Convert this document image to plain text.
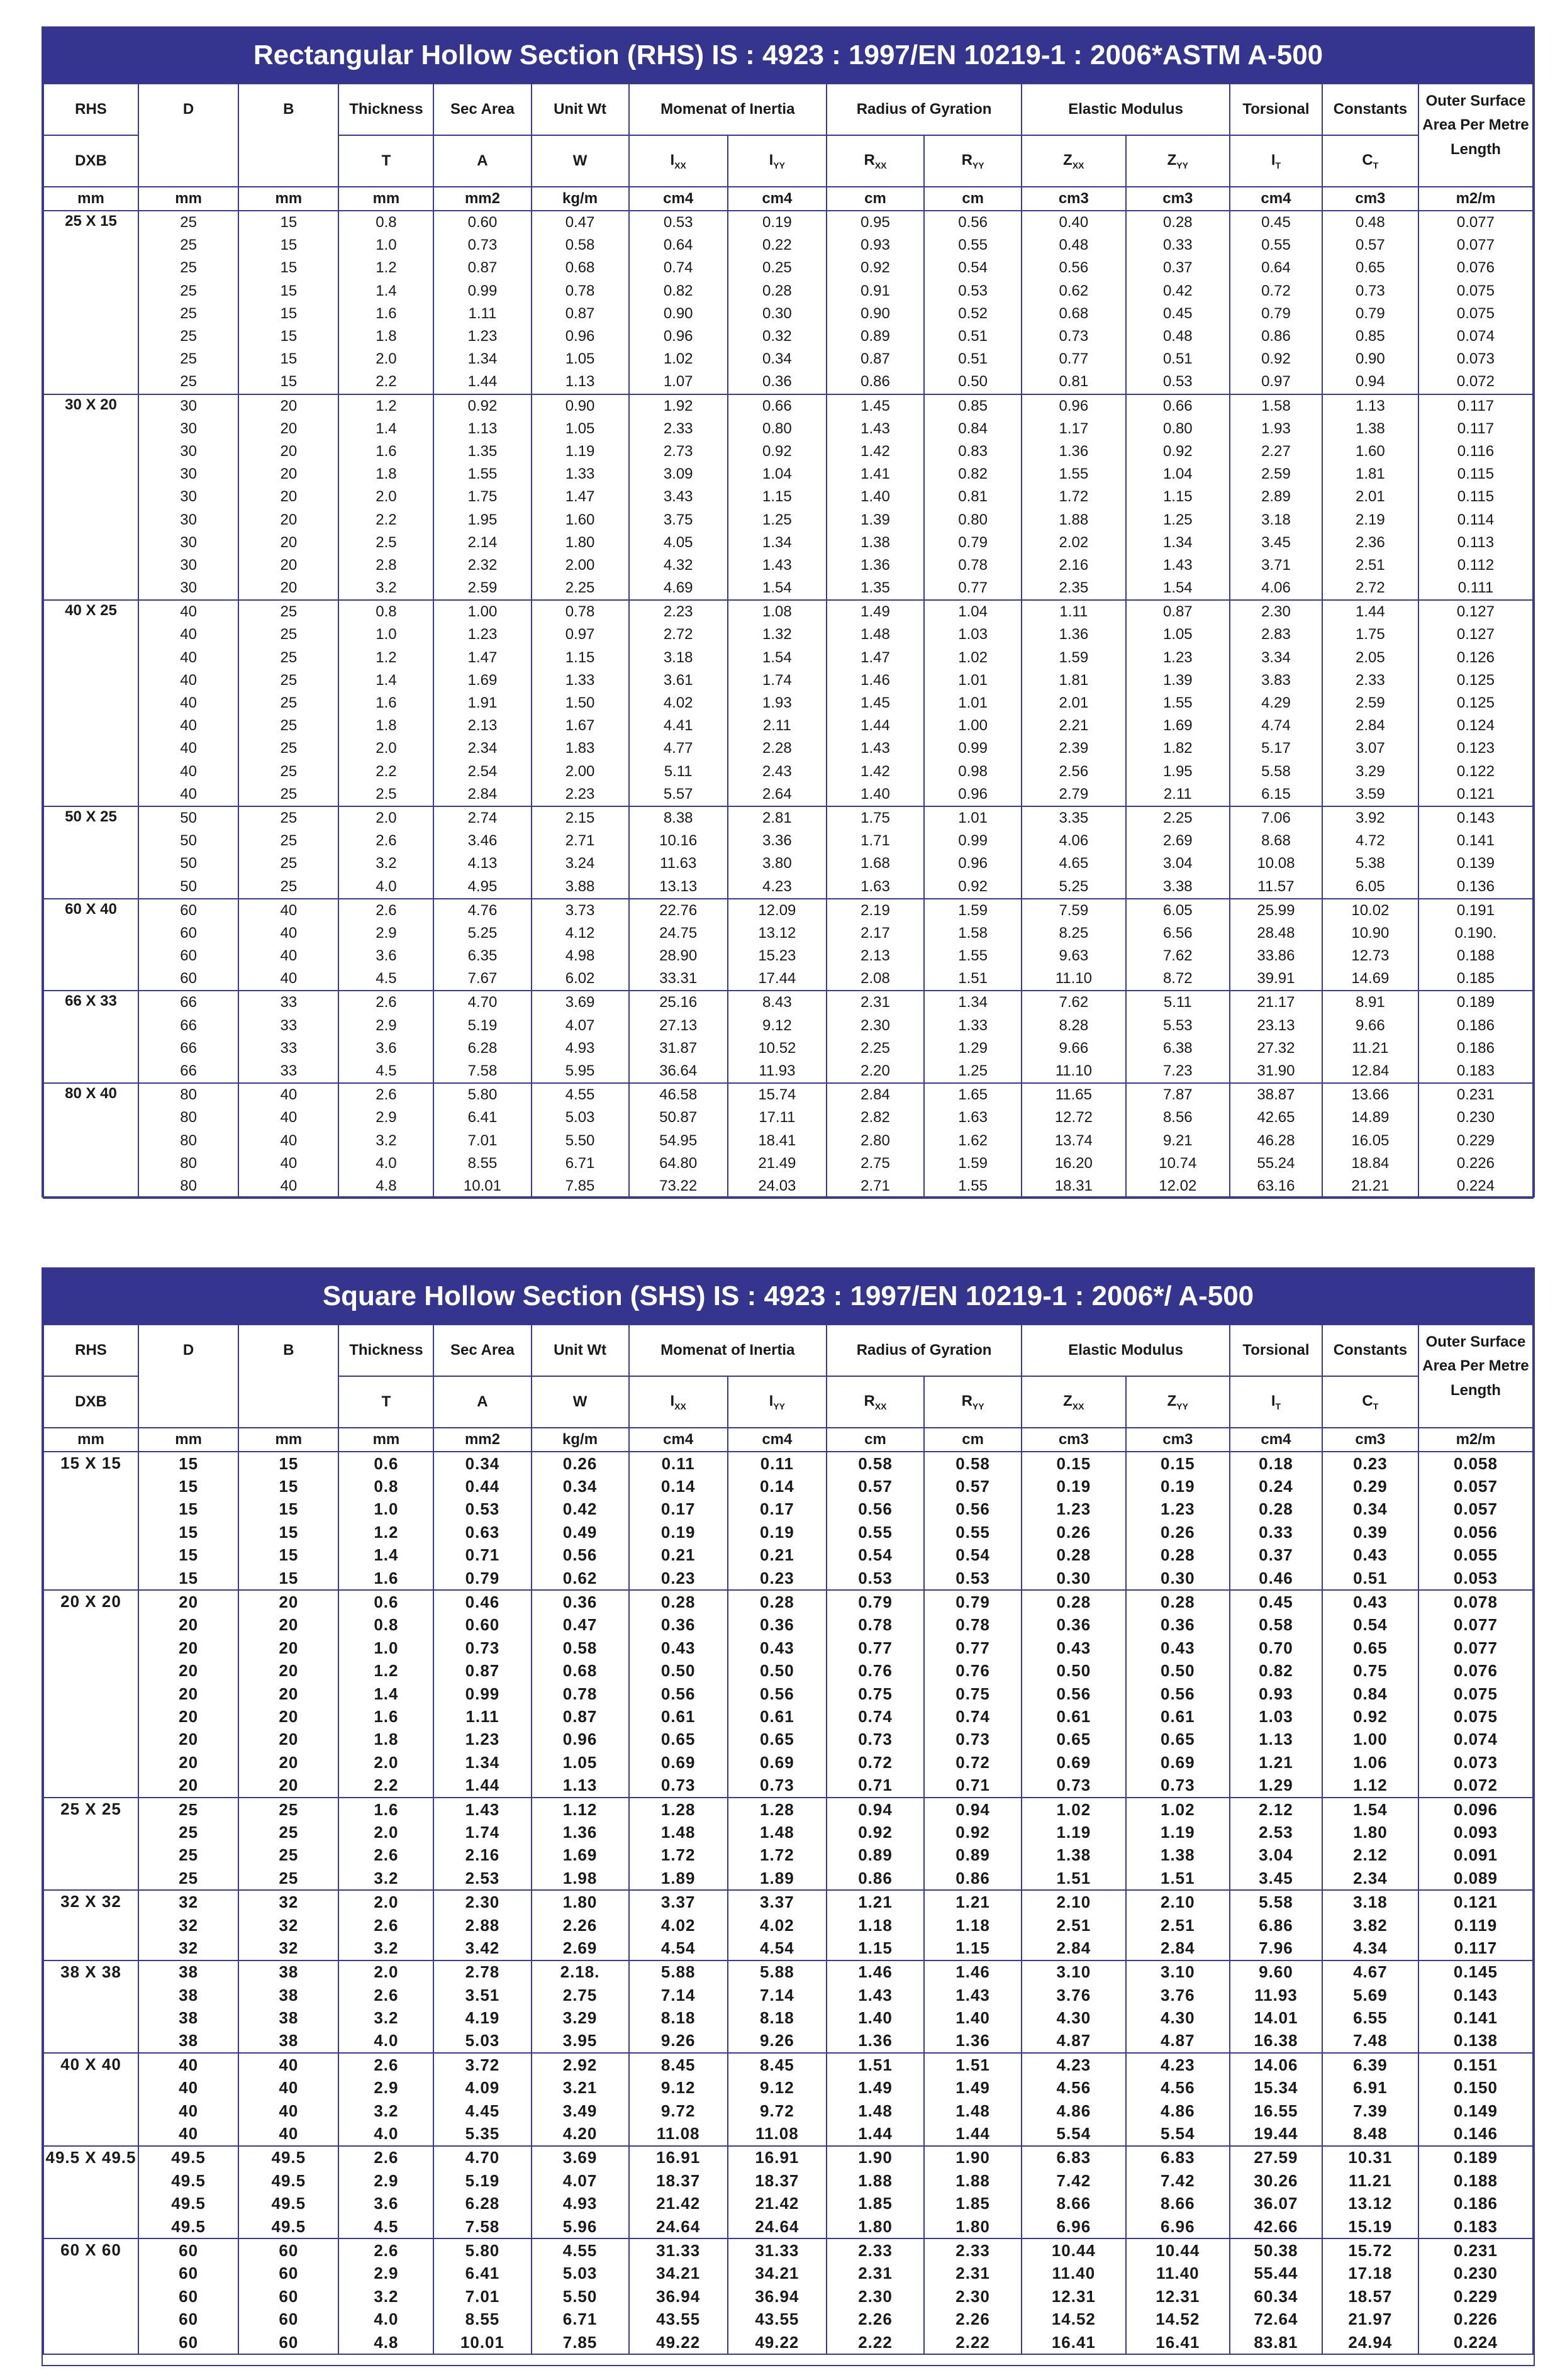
Rectangular Hollow Section (RHS) IS : 4923 : 1997/EN 10219-1 : 2006*ASTM A-500
RHS	D	B	Thickness	Sec Area	Unit Wt	Momenat of Inertia		Radius of Gyration		Elastic Modulus		Torsional	Constants	Outer Surface Area Per Metre Length
DXB			T	A	W	$I_{XX}$	$I_{YY}$	$R_{XX}$	$R_{YY}$	$Z_{XX}$	$Z_{YY}$	$I_T$	$C_T$
mm	mm	mm	mm	mm2	kg/m	cm4	cm4	cm	cm	cm3	cm3	cm4	cm3	m2/m
25 X 15	25	15	0.8	0.60	0.47	0.53	0.19	0.95	0.56	0.40	0.28	0.45	0.48	0.077
	25	15	1.0	0.73	0.58	0.64	0.22	0.93	0.55	0.48	0.33	0.55	0.57	0.077
	25	15	1.2	0.87	0.68	0.74	0.25	0.92	0.54	0.56	0.37	0.64	0.65	0.076
	25	15	1.4	0.99	0.78	0.82	0.28	0.91	0.53	0.62	0.42	0.72	0.73	0.075
	25	15	1.6	1.11	0.87	0.90	0.30	0.90	0.52	0.68	0.45	0.79	0.79	0.075
	25	15	1.8	1.23	0.96	0.96	0.32	0.89	0.51	0.73	0.48	0.86	0.85	0.074
	25	15	2.0	1.34	1.05	1.02	0.34	0.87	0.51	0.77	0.51	0.92	0.90	0.073
	25	15	2.2	1.44	1.13	1.07	0.36	0.86	0.50	0.81	0.53	0.97	0.94	0.072
30 X 20	30	20	1.2	0.92	0.90	1.92	0.66	1.45	0.85	0.96	0.66	1.58	1.13	0.117
	30	20	1.4	1.13	1.05	2.33	0.80	1.43	0.84	1.17	0.80	1.93	1.38	0.117
	30	20	1.6	1.35	1.19	2.73	0.92	1.42	0.83	1.36	0.92	2.27	1.60	0.116
	30	20	1.8	1.55	1.33	3.09	1.04	1.41	0.82	1.55	1.04	2.59	1.81	0.115
	30	20	2.0	1.75	1.47	3.43	1.15	1.40	0.81	1.72	1.15	2.89	2.01	0.115
	30	20	2.2	1.95	1.60	3.75	1.25	1.39	0.80	1.88	1.25	3.18	2.19	0.114
	30	20	2.5	2.14	1.80	4.05	1.34	1.38	0.79	2.02	1.34	3.45	2.36	0.113
	30	20	2.8	2.32	2.00	4.32	1.43	1.36	0.78	2.16	1.43	3.71	2.51	0.112
	30	20	3.2	2.59	2.25	4.69	1.54	1.35	0.77	2.35	1.54	4.06	2.72	0.111
40 X 25	40	25	0.8	1.00	0.78	2.23	1.08	1.49	1.04	1.11	0.87	2.30	1.44	0.127
	40	25	1.0	1.23	0.97	2.72	1.32	1.48	1.03	1.36	1.05	2.83	1.75	0.127
	40	25	1.2	1.47	1.15	3.18	1.54	1.47	1.02	1.59	1.23	3.34	2.05	0.126
	40	25	1.4	1.69	1.33	3.61	1.74	1.46	1.01	1.81	1.39	3.83	2.33	0.125
	40	25	1.6	1.91	1.50	4.02	1.93	1.45	1.01	2.01	1.55	4.29	2.59	0.125
	40	25	1.8	2.13	1.67	4.41	2.11	1.44	1.00	2.21	1.69	4.74	2.84	0.124
	40	25	2.0	2.34	1.83	4.77	2.28	1.43	0.99	2.39	1.82	5.17	3.07	0.123
	40	25	2.2	2.54	2.00	5.11	2.43	1.42	0.98	2.56	1.95	5.58	3.29	0.122
	40	25	2.5	2.84	2.23	5.57	2.64	1.40	0.96	2.79	2.11	6.15	3.59	0.121
50 X 25	50	25	2.0	2.74	2.15	8.38	2.81	1.75	1.01	3.35	2.25	7.06	3.92	0.143
	50	25	2.6	3.46	2.71	10.16	3.36	1.71	0.99	4.06	2.69	8.68	4.72	0.141
	50	25	3.2	4.13	3.24	11.63	3.80	1.68	0.96	4.65	3.04	10.08	5.38	0.139
	50	25	4.0	4.95	3.88	13.13	4.23	1.63	0.92	5.25	3.38	11.57	6.05	0.136
60 X 40	60	40	2.6	4.76	3.73	22.76	12.09	2.19	1.59	7.59	6.05	25.99	10.02	0.191
	60	40	2.9	5.25	4.12	24.75	13.12	2.17	1.58	8.25	6.56	28.48	10.90	0.190.
	60	40	3.6	6.35	4.98	28.90	15.23	2.13	1.55	9.63	7.62	33.86	12.73	0.188
	60	40	4.5	7.67	6.02	33.31	17.44	2.08	1.51	11.10	8.72	39.91	14.69	0.185
66 X 33	66	33	2.6	4.70	3.69	25.16	8.43	2.31	1.34	7.62	5.11	21.17	8.91	0.189
	66	33	2.9	5.19	4.07	27.13	9.12	2.30	1.33	8.28	5.53	23.13	9.66	0.186
	66	33	3.6	6.28	4.93	31.87	10.52	2.25	1.29	9.66	6.38	27.32	11.21	0.186
	66	33	4.5	7.58	5.95	36.64	11.93	2.20	1.25	11.10	7.23	31.90	12.84	0.183
80 X 40	80	40	2.6	5.80	4.55	46.58	15.74	2.84	1.65	11.65	7.87	38.87	13.66	0.231
	80	40	2.9	6.41	5.03	50.87	17.11	2.82	1.63	12.72	8.56	42.65	14.89	0.230
	80	40	3.2	7.01	5.50	54.95	18.41	2.80	1.62	13.74	9.21	46.28	16.05	0.229
	80	40	4.0	8.55	6.71	64.80	21.49	2.75	1.59	16.20	10.74	55.24	18.84	0.226
	80	40	4.8	10.01	7.85	73.22	24.03	2.71	1.55	18.31	12.02	63.16	21.21	0.224
Square Hollow Section (SHS) IS : 4923 : 1997/EN 10219-1 : 2006*/ A-500
RHS	D	B	Thickness	Sec Area	Unit Wt	Momenat of Inertia		Radius of Gyration		Elastic Modulus		Torsional	Constants	Outer Surface Area Per Metre Length
DXB			T	A	W	$I_{XX}$	$I_{YY}$	$R_{XX}$	$R_{YY}$	$Z_{XX}$	$Z_{YY}$	$I_T$	$C_T$
mm	mm	mm	mm	mm2	kg/m	cm4	cm4	cm	cm	cm3	cm3	cm4	cm3	m2/m
15 X 15	15	15	0.6	0.34	0.26	0.11	0.11	0.58	0.58	0.15	0.15	0.18	0.23	0.058
	15	15	0.8	0.44	0.34	0.14	0.14	0.57	0.57	0.19	0.19	0.24	0.29	0.057
	15	15	1.0	0.53	0.42	0.17	0.17	0.56	0.56	1.23	1.23	0.28	0.34	0.057
	15	15	1.2	0.63	0.49	0.19	0.19	0.55	0.55	0.26	0.26	0.33	0.39	0.056
	15	15	1.4	0.71	0.56	0.21	0.21	0.54	0.54	0.28	0.28	0.37	0.43	0.055
	15	15	1.6	0.79	0.62	0.23	0.23	0.53	0.53	0.30	0.30	0.46	0.51	0.053
20 X 20	20	20	0.6	0.46	0.36	0.28	0.28	0.79	0.79	0.28	0.28	0.45	0.43	0.078
	20	20	0.8	0.60	0.47	0.36	0.36	0.78	0.78	0.36	0.36	0.58	0.54	0.077
	20	20	1.0	0.73	0.58	0.43	0.43	0.77	0.77	0.43	0.43	0.70	0.65	0.077
	20	20	1.2	0.87	0.68	0.50	0.50	0.76	0.76	0.50	0.50	0.82	0.75	0.076
	20	20	1.4	0.99	0.78	0.56	0.56	0.75	0.75	0.56	0.56	0.93	0.84	0.075
	20	20	1.6	1.11	0.87	0.61	0.61	0.74	0.74	0.61	0.61	1.03	0.92	0.075
	20	20	1.8	1.23	0.96	0.65	0.65	0.73	0.73	0.65	0.65	1.13	1.00	0.074
	20	20	2.0	1.34	1.05	0.69	0.69	0.72	0.72	0.69	0.69	1.21	1.06	0.073
	20	20	2.2	1.44	1.13	0.73	0.73	0.71	0.71	0.73	0.73	1.29	1.12	0.072
25 X 25	25	25	1.6	1.43	1.12	1.28	1.28	0.94	0.94	1.02	1.02	2.12	1.54	0.096
	25	25	2.0	1.74	1.36	1.48	1.48	0.92	0.92	1.19	1.19	2.53	1.80	0.093
	25	25	2.6	2.16	1.69	1.72	1.72	0.89	0.89	1.38	1.38	3.04	2.12	0.091
	25	25	3.2	2.53	1.98	1.89	1.89	0.86	0.86	1.51	1.51	3.45	2.34	0.089
32 X 32	32	32	2.0	2.30	1.80	3.37	3.37	1.21	1.21	2.10	2.10	5.58	3.18	0.121
	32	32	2.6	2.88	2.26	4.02	4.02	1.18	1.18	2.51	2.51	6.86	3.82	0.119
	32	32	3.2	3.42	2.69	4.54	4.54	1.15	1.15	2.84	2.84	7.96	4.34	0.117
38 X 38	38	38	2.0	2.78	2.18.	5.88	5.88	1.46	1.46	3.10	3.10	9.60	4.67	0.145
	38	38	2.6	3.51	2.75	7.14	7.14	1.43	1.43	3.76	3.76	11.93	5.69	0.143
	38	38	3.2	4.19	3.29	8.18	8.18	1.40	1.40	4.30	4.30	14.01	6.55	0.141
	38	38	4.0	5.03	3.95	9.26	9.26	1.36	1.36	4.87	4.87	16.38	7.48	0.138
40 X 40	40	40	2.6	3.72	2.92	8.45	8.45	1.51	1.51	4.23	4.23	14.06	6.39	0.151
	40	40	2.9	4.09	3.21	9.12	9.12	1.49	1.49	4.56	4.56	15.34	6.91	0.150
	40	40	3.2	4.45	3.49	9.72	9.72	1.48	1.48	4.86	4.86	16.55	7.39	0.149
	40	40	4.0	5.35	4.20	11.08	11.08	1.44	1.44	5.54	5.54	19.44	8.48	0.146
49.5 X 49.5	49.5	49.5	2.6	4.70	3.69	16.91	16.91	1.90	1.90	6.83	6.83	27.59	10.31	0.189
	49.5	49.5	2.9	5.19	4.07	18.37	18.37	1.88	1.88	7.42	7.42	30.26	11.21	0.188
	49.5	49.5	3.6	6.28	4.93	21.42	21.42	1.85	1.85	8.66	8.66	36.07	13.12	0.186
	49.5	49.5	4.5	7.58	5.96	24.64	24.64	1.80	1.80	6.96	6.96	42.66	15.19	0.183
60 X 60	60	60	2.6	5.80	4.55	31.33	31.33	2.33	2.33	10.44	10.44	50.38	15.72	0.231
	60	60	2.9	6.41	5.03	34.21	34.21	2.31	2.31	11.40	11.40	55.44	17.18	0.230
	60	60	3.2	7.01	5.50	36.94	36.94	2.30	2.30	12.31	12.31	60.34	18.57	0.229
	60	60	4.0	8.55	6.71	43.55	43.55	2.26	2.26	14.52	14.52	72.64	21.97	0.226
	60	60	4.8	10.01	7.85	49.22	49.22	2.22	2.22	16.41	16.41	83.81	24.94	0.224
